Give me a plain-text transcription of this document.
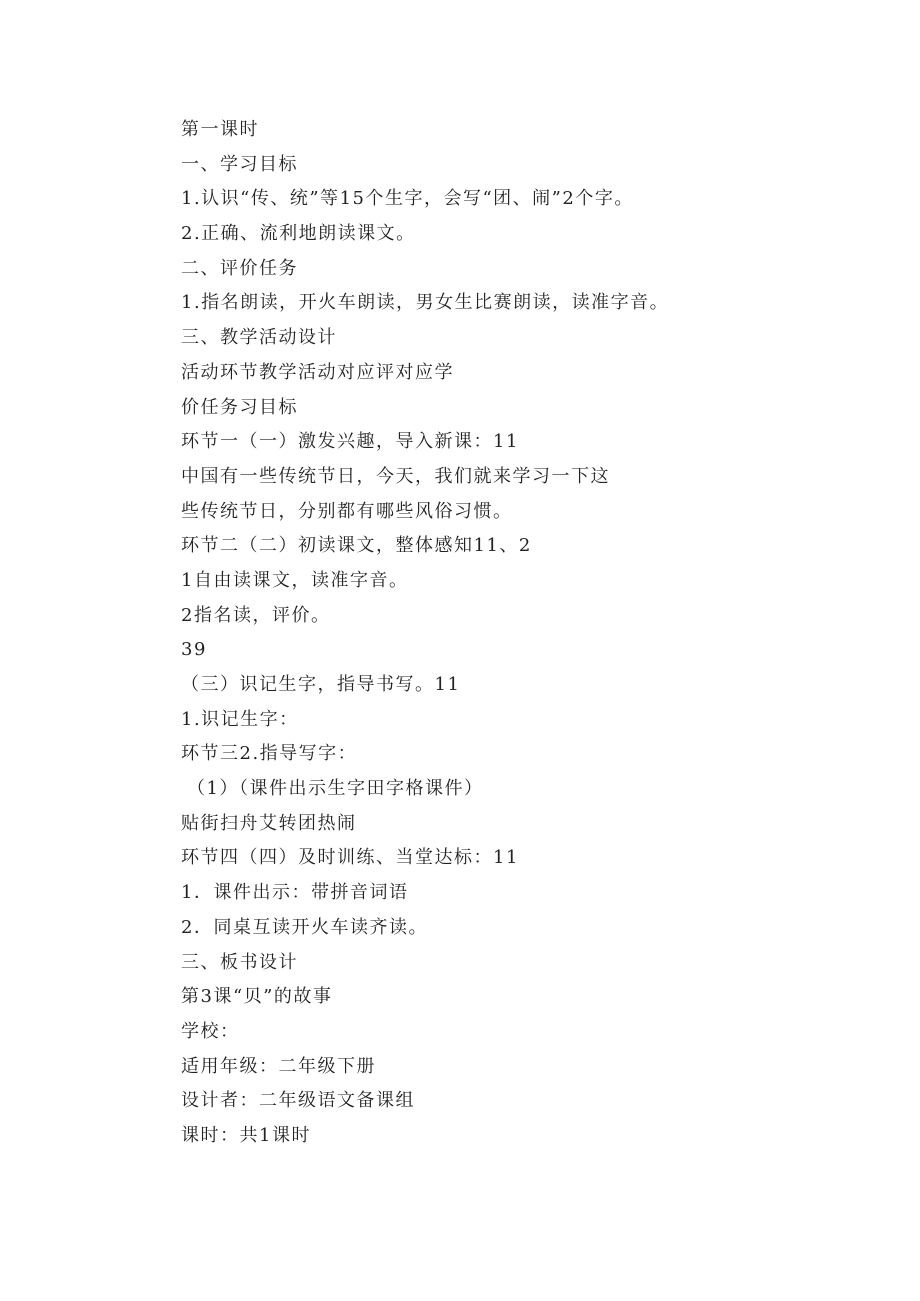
第一课时
一、学习目标
1.认识“传、统”等15个生字，会写“团、闹”2个字。
2.正确、流利地朗读课文。
二、评价任务
1.指名朗读，开火车朗读，男女生比赛朗读，读准字音。
三、教学活动设计
活动环节教学活动对应评对应学
价任务习目标
环节一（一）激发兴趣，导入新课：11
中国有一些传统节日，今天，我们就来学习一下这
些传统节日，分别都有哪些风俗习惯。
环节二（二）初读课文，整体感知11、2
1自由读课文，读准字音。
2指名读，评价。
39
（三）识记生字，指导书写。11
1.识记生字：
环节三2.指导写字：
（1）（课件出示生字田字格课件）
贴街扫舟艾转团热闹
环节四（四）及时训练、当堂达标：11
1．课件出示：带拼音词语
2．同桌互读开火车读齐读。
三、板书设计
第3课“贝”的故事
学校：
适用年级：二年级下册
设计者：二年级语文备课组
课时：共1课时
